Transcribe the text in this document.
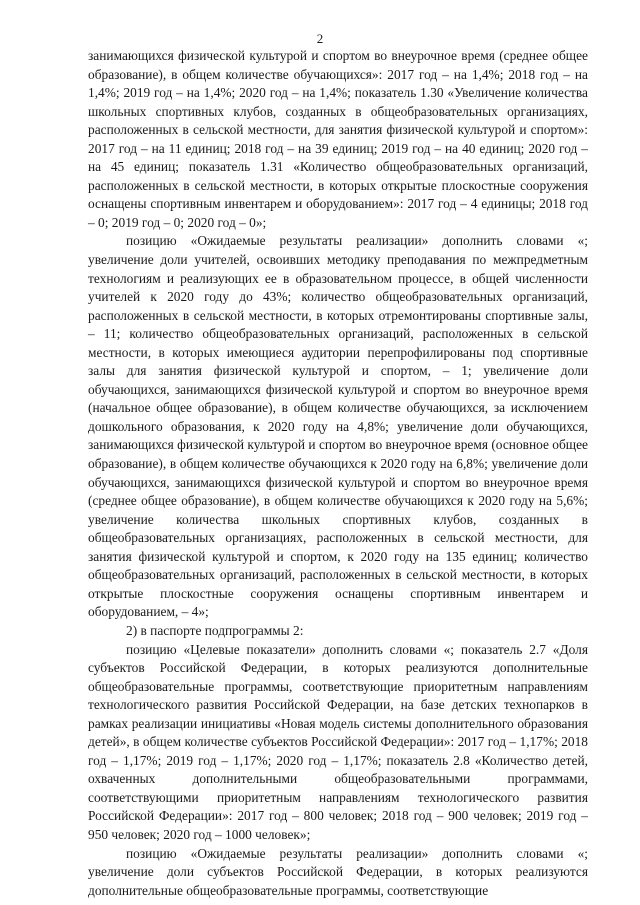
2

занимающихся физической культурой и спортом во внеурочное время (среднее общее образование), в общем количестве обучающихся»: 2017 год – на 1,4%; 2018 год – на 1,4%; 2019 год – на 1,4%; 2020 год – на 1,4%; показатель 1.30 «Увеличение количества школьных спортивных клубов, созданных в общеобразовательных организациях, расположенных в сельской местности, для занятия физической культурой и спортом»: 2017 год – на 11 единиц; 2018 год – на 39 единиц; 2019 год – на 40 единиц; 2020 год – на 45 единиц; показатель 1.31 «Количество общеобразовательных организаций, расположенных в сельской местности, в которых открытые плоскостные сооружения оснащены спортивным инвентарем и оборудованием»: 2017 год – 4 единицы; 2018 год – 0; 2019 год – 0; 2020 год – 0»;

позицию «Ожидаемые результаты реализации» дополнить словами «; увеличение доли учителей, освоивших методику преподавания по межпредметным технологиям и реализующих ее в образовательном процессе, в общей численности учителей к 2020 году до 43%; количество общеобразовательных организаций, расположенных в сельской местности, в которых отремонтированы спортивные залы, – 11; количество общеобразовательных организаций, расположенных в сельской местности, в которых имеющиеся аудитории перепрофилированы под спортивные залы для занятия физической культурой и спортом, – 1; увеличение доли обучающихся, занимающихся физической культурой и спортом во внеурочное время (начальное общее образование), в общем количестве обучающихся, за исключением дошкольного образования, к 2020 году на 4,8%; увеличение доли обучающихся, занимающихся физической культурой и спортом во внеурочное время (основное общее образование), в общем количестве обучающихся к 2020 году на 6,8%; увеличение доли обучающихся, занимающихся физической культурой и спортом во внеурочное время (среднее общее образование), в общем количестве обучающихся к 2020 году на 5,6%; увеличение количества школьных спортивных клубов, созданных в общеобразовательных организациях, расположенных в сельской местности, для занятия физической культурой и спортом, к 2020 году на 135 единиц; количество общеобразовательных организаций, расположенных в сельской местности, в которых открытые плоскостные сооружения оснащены спортивным инвентарем и оборудованием, – 4»;

2) в паспорте подпрограммы 2:

позицию «Целевые показатели» дополнить словами «; показатель 2.7 «Доля субъектов Российской Федерации, в которых реализуются дополнительные общеобразовательные программы, соответствующие приоритетным направлениям технологического развития Российской Федерации, на базе детских технопарков в рамках реализации инициативы «Новая модель системы дополнительного образования детей», в общем количестве субъектов Российской Федерации»: 2017 год – 1,17%; 2018 год – 1,17%; 2019 год – 1,17%; 2020 год – 1,17%; показатель 2.8 «Количество детей, охваченных дополнительными общеобразовательными программами, соответствующими приоритетным направлениям технологического развития Российской Федерации»: 2017 год – 800 человек; 2018 год – 900 человек; 2019 год – 950 человек; 2020 год – 1000 человек»;

позицию «Ожидаемые результаты реализации» дополнить словами «; увеличение доли субъектов Российской Федерации, в которых реализуются дополнительные общеобразовательные программы, соответствующие
